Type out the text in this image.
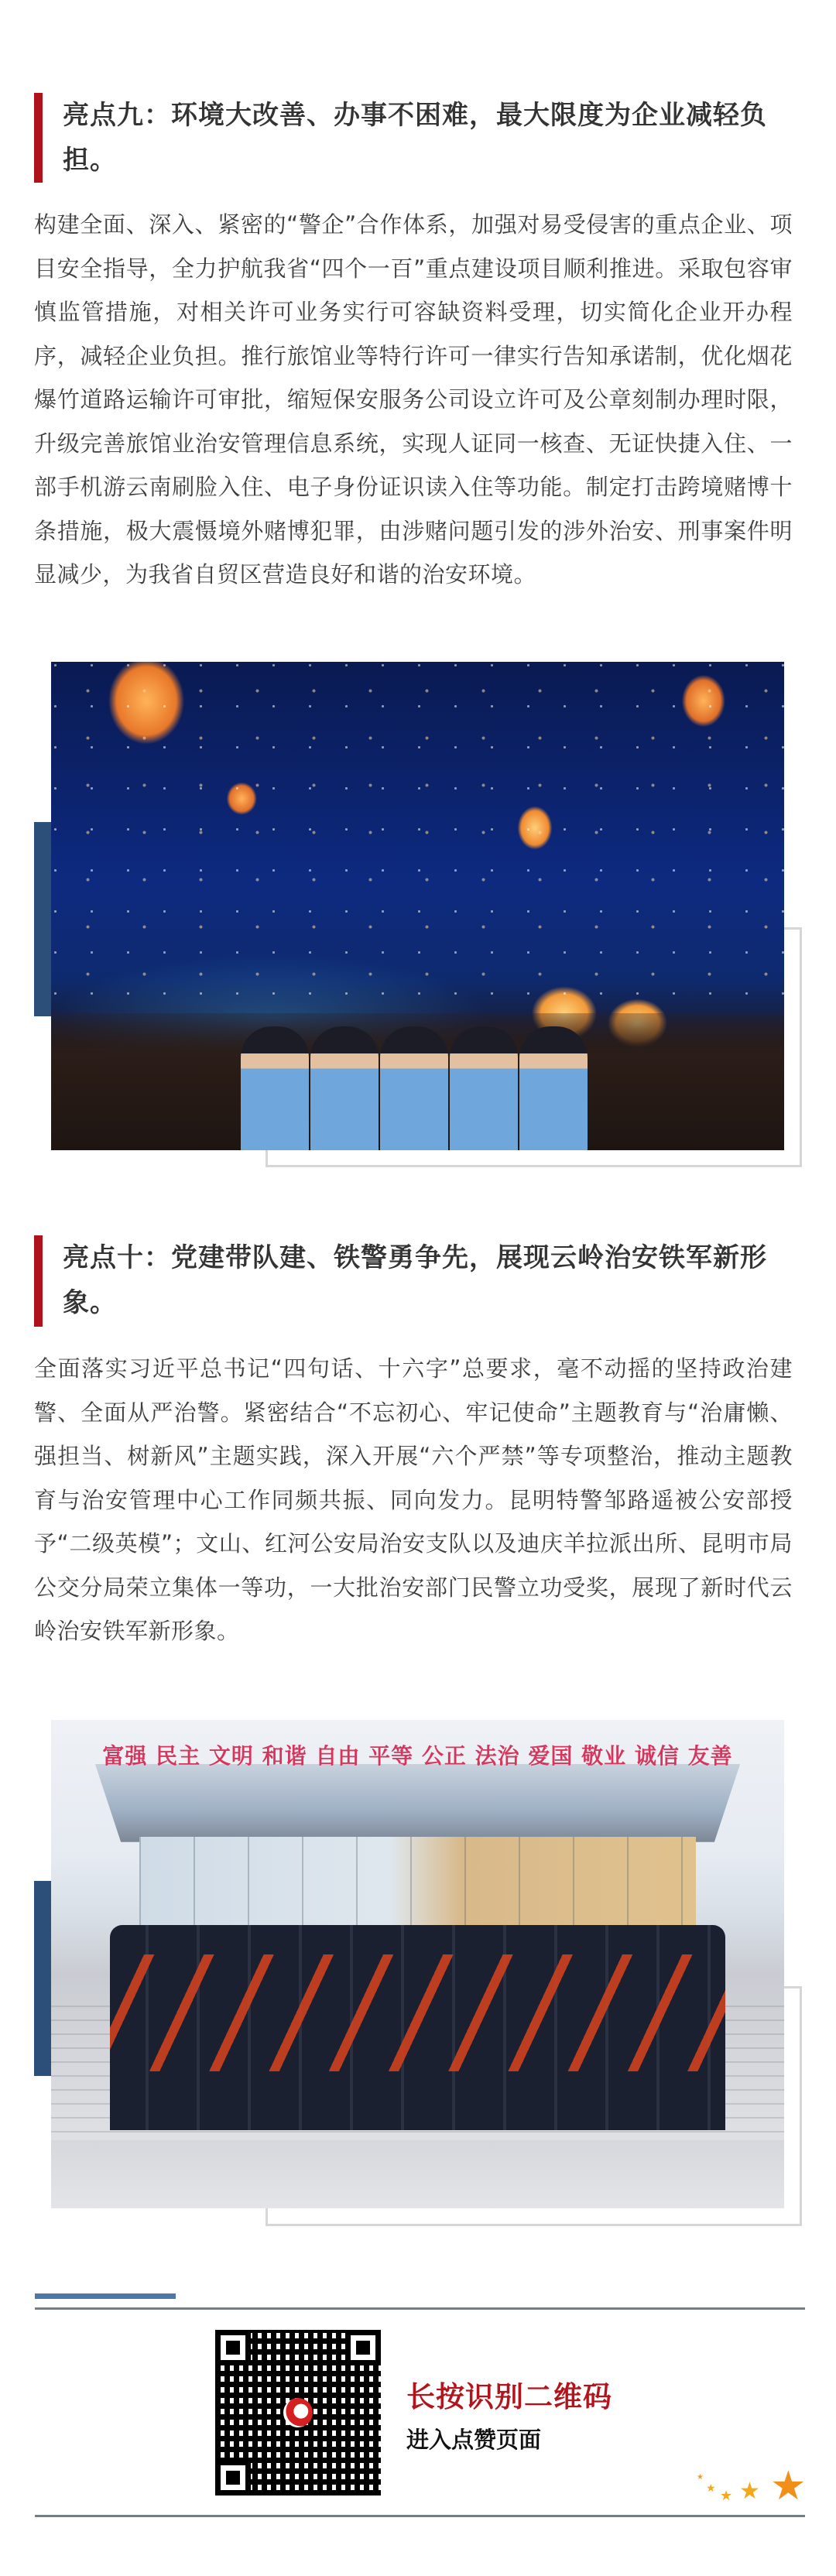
亮点九：环境大改善、办事不困难，最大限度为企业减轻负担。

构建全面、深入、紧密的“警企”合作体系，加强对易受侵害的重点企业、项目安全指导，全力护航我省“四个一百”重点建设项目顺利推进。采取包容审慎监管措施，对相关许可业务实行可容缺资料受理，切实简化企业开办程序，减轻企业负担。推行旅馆业等特行许可一律实行告知承诺制，优化烟花爆竹道路运输许可审批，缩短保安服务公司设立许可及公章刻制办理时限，升级完善旅馆业治安管理信息系统，实现人证同一核查、无证快捷入住、一部手机游云南刷脸入住、电子身份证识读入住等功能。制定打击跨境赌博十条措施，极大震慑境外赌博犯罪，由涉赌问题引发的涉外治安、刑事案件明显减少，为我省自贸区营造良好和谐的治安环境。

亮点十：党建带队建、铁警勇争先，展现云岭治安铁军新形象。

全面落实习近平总书记“四句话、十六字”总要求，毫不动摇的坚持政治建警、全面从严治警。紧密结合“不忘初心、牢记使命”主题教育与“治庸懒、强担当、树新风”主题实践，深入开展“六个严禁”等专项整治，推动主题教育与治安管理中心工作同频共振、同向发力。昆明特警邹路遥被公安部授予“二级英模”；文山、红河公安局治安支队以及迪庆羊拉派出所、昆明市局公交分局荣立集体一等功，一大批治安部门民警立功受奖，展现了新时代云岭治安铁军新形象。

富强 民主 文明 和谐 自由 平等 公正 法治 爱国 敬业 诚信 友善
长按识别二维码
进入点赞页面
★
★ ★ ★ ★
